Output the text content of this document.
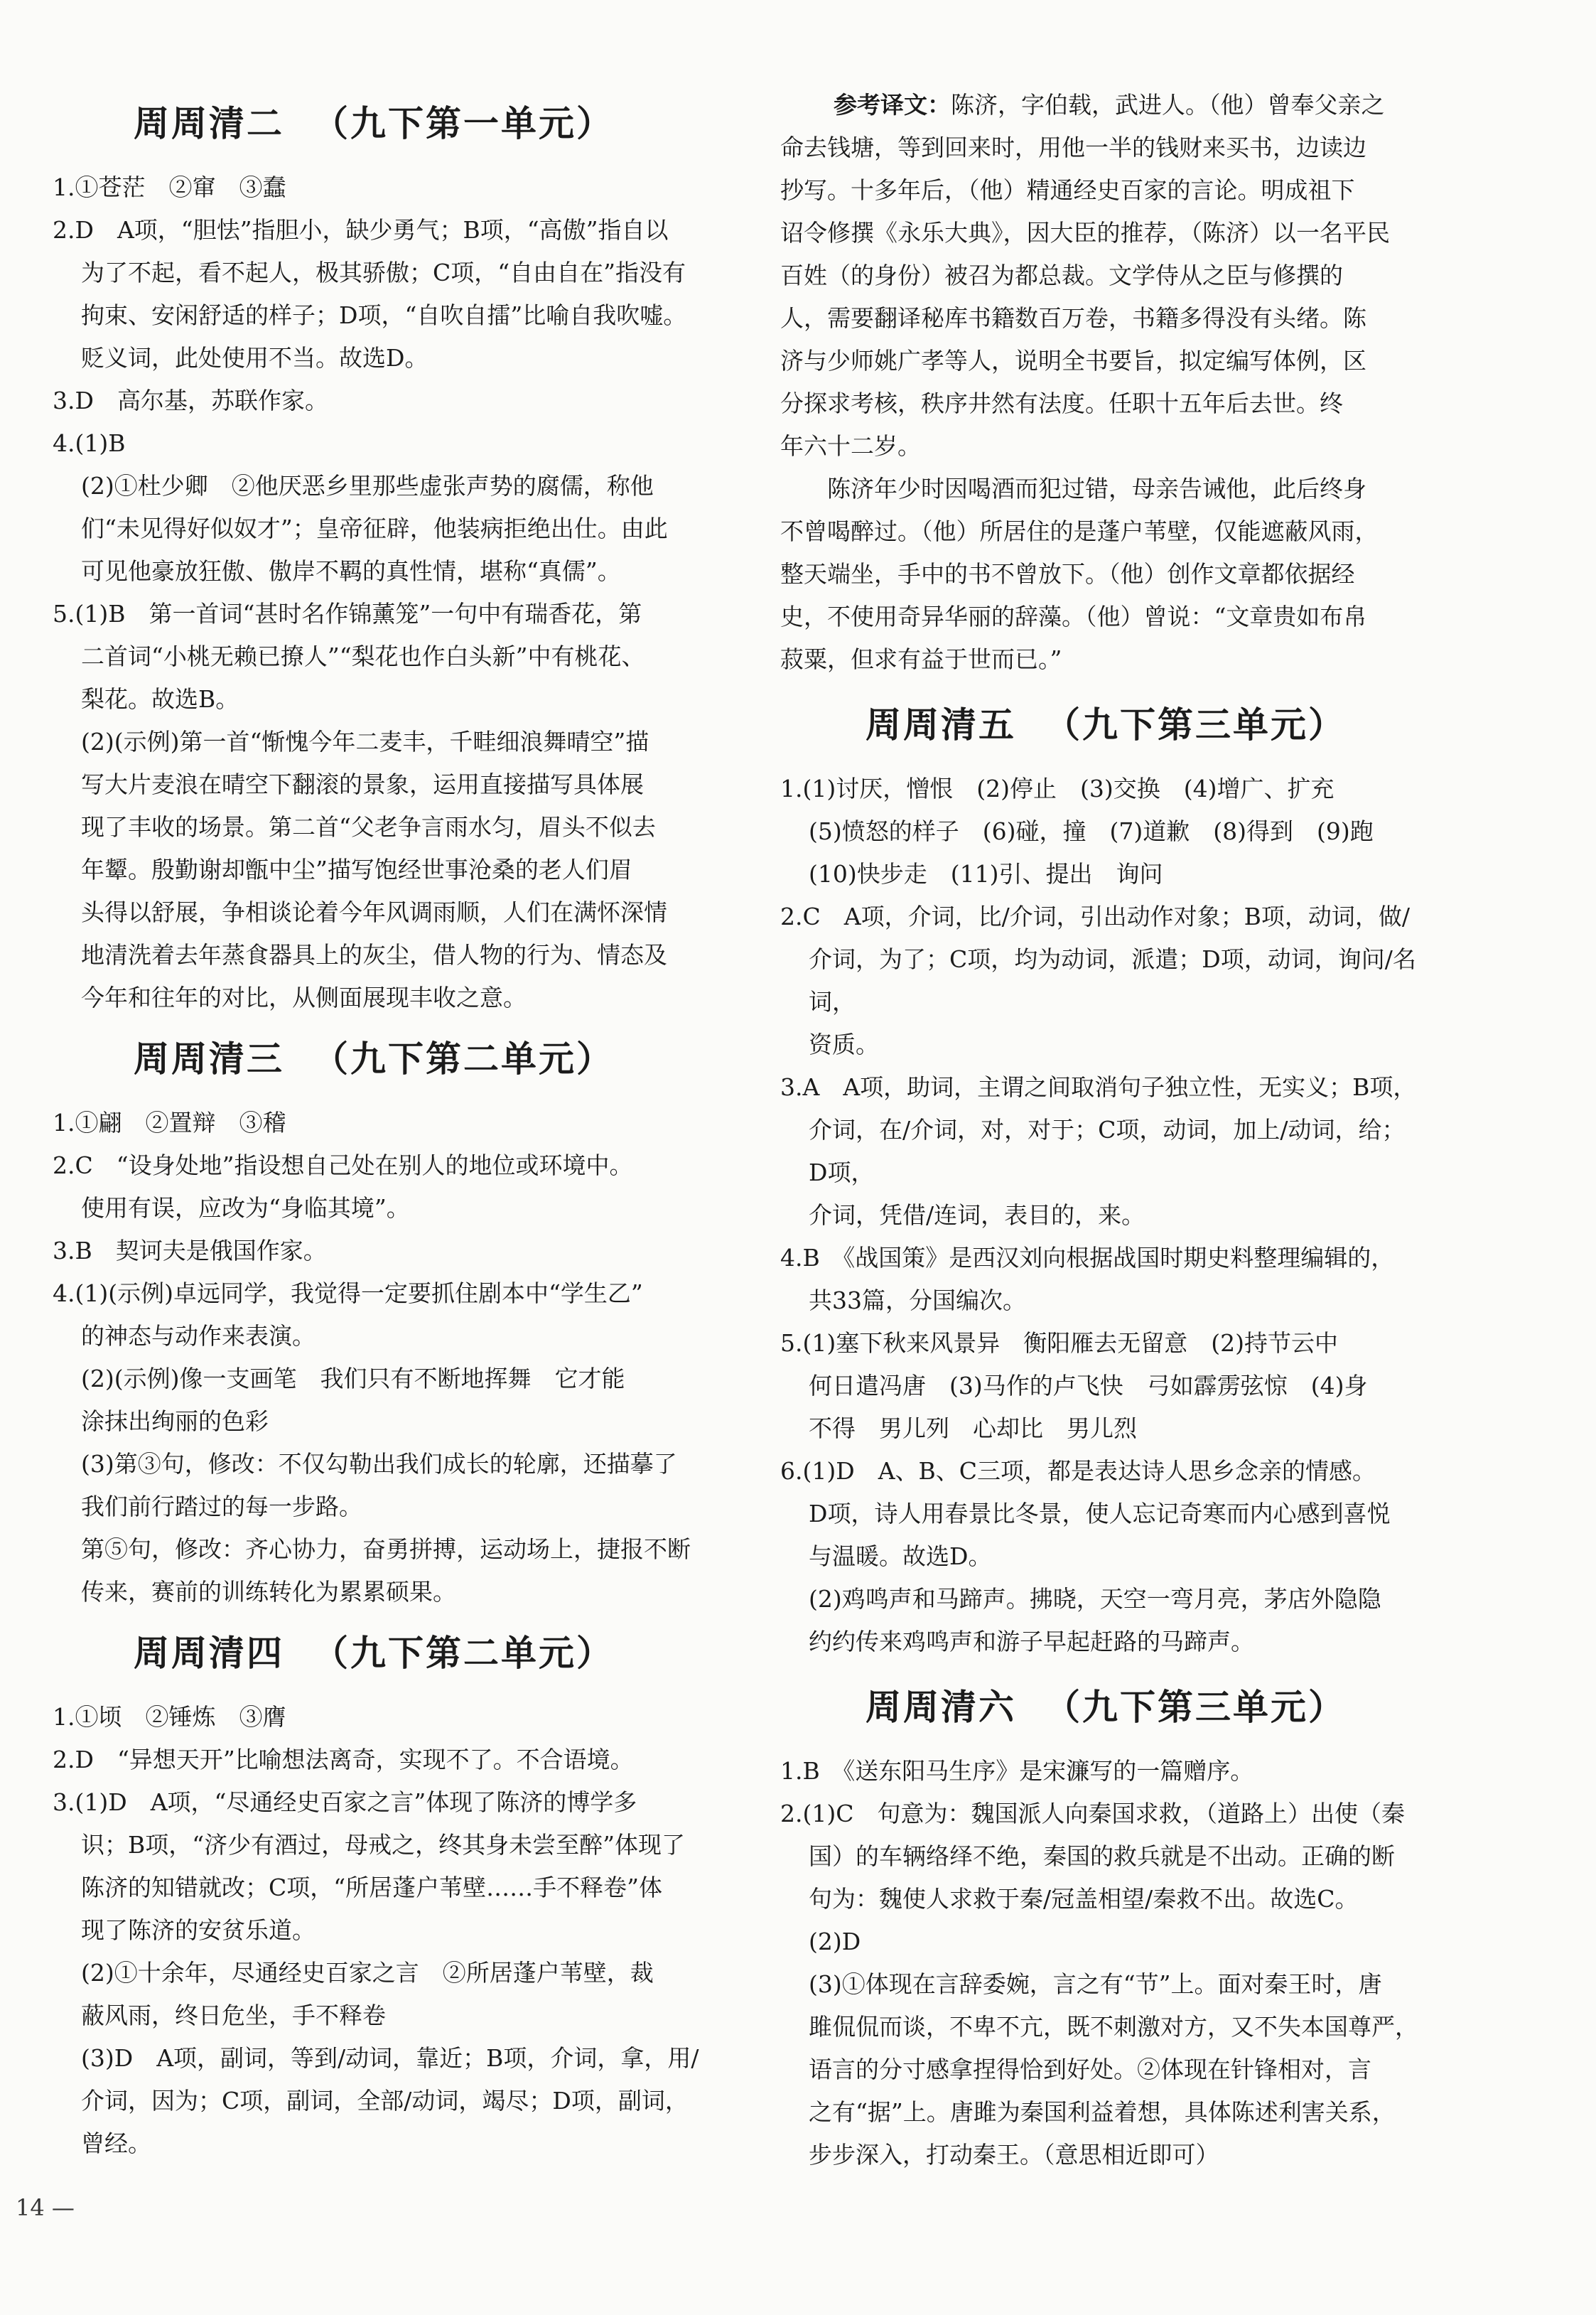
周周清二 （九下第一单元）

1.①苍茫　②窜　③蠢

2.D　A项，“胆怯”指胆小，缺少勇气；B项，“高傲”指自以

为了不起，看不起人，极其骄傲；C项，“自由自在”指没有

拘束、安闲舒适的样子；D项，“自吹自擂”比喻自我吹嘘。

贬义词，此处使用不当。故选D。

3.D　高尔基，苏联作家。

4.(1)B

(2)①杜少卿　②他厌恶乡里那些虚张声势的腐儒，称他

们“未见得好似奴才”；皇帝征辟，他装病拒绝出仕。由此

可见他豪放狂傲、傲岸不羁的真性情，堪称“真儒”。

5.(1)B　第一首词“甚时名作锦薰笼”一句中有瑞香花，第

二首词“小桃无赖已撩人”“梨花也作白头新”中有桃花、

梨花。故选B。

(2)(示例)第一首“惭愧今年二麦丰，千畦细浪舞晴空”描

写大片麦浪在晴空下翻滚的景象，运用直接描写具体展

现了丰收的场景。第二首“父老争言雨水匀，眉头不似去

年颦。殷勤谢却甑中尘”描写饱经世事沧桑的老人们眉

头得以舒展，争相谈论着今年风调雨顺，人们在满怀深情

地清洗着去年蒸食器具上的灰尘，借人物的行为、情态及

今年和往年的对比，从侧面展现丰收之意。

周周清三 （九下第二单元）

1.①翩　②置辩　③稽

2.C　“设身处地”指设想自己处在别人的地位或环境中。

使用有误，应改为“身临其境”。

3.B　契诃夫是俄国作家。

4.(1)(示例)卓远同学，我觉得一定要抓住剧本中“学生乙”

的神态与动作来表演。

(2)(示例)像一支画笔　我们只有不断地挥舞　它才能

涂抹出绚丽的色彩

(3)第③句，修改：不仅勾勒出我们成长的轮廓，还描摹了

我们前行踏过的每一步路。

第⑤句，修改：齐心协力，奋勇拼搏，运动场上，捷报不断

传来，赛前的训练转化为累累硕果。

周周清四 （九下第二单元）

1.①顷　②锤炼　③膺

2.D　“异想天开”比喻想法离奇，实现不了。不合语境。

3.(1)D　A项，“尽通经史百家之言”体现了陈济的博学多

识；B项，“济少有酒过，母戒之，终其身未尝至醉”体现了

陈济的知错就改；C项，“所居蓬户苇壁……手不释卷”体

现了陈济的安贫乐道。

(2)①十余年，尽通经史百家之言　②所居蓬户苇壁，裁

蔽风雨，终日危坐，手不释卷

(3)D　A项，副词，等到/动词，靠近；B项，介词，拿，用/

介词，因为；C项，副词，全部/动词，竭尽；D项，副词，

曾经。

参考译文：陈济，字伯载，武进人。（他）曾奉父亲之

命去钱塘，等到回来时，用他一半的钱财来买书，边读边

抄写。十多年后，（他）精通经史百家的言论。明成祖下

诏令修撰《永乐大典》，因大臣的推荐，（陈济）以一名平民

百姓（的身份）被召为都总裁。文学侍从之臣与修撰的

人，需要翻译秘库书籍数百万卷，书籍多得没有头绪。陈

济与少师姚广孝等人，说明全书要旨，拟定编写体例，区

分探求考核，秩序井然有法度。任职十五年后去世。终

年六十二岁。

陈济年少时因喝酒而犯过错，母亲告诫他，此后终身

不曾喝醉过。（他）所居住的是蓬户苇壁，仅能遮蔽风雨，

整天端坐，手中的书不曾放下。（他）创作文章都依据经

史，不使用奇异华丽的辞藻。（他）曾说：“文章贵如布帛

菽粟，但求有益于世而已。”

周周清五 （九下第三单元）

1.(1)讨厌，憎恨　(2)停止　(3)交换　(4)增广、扩充

(5)愤怒的样子　(6)碰，撞　(7)道歉　(8)得到　(9)跑

(10)快步走　(11)引、提出　询问

2.C　A项，介词，比/介词，引出动作对象；B项，动词，做/

介词，为了；C项，均为动词，派遣；D项，动词，询问/名词，

资质。

3.A　A项，助词，主谓之间取消句子独立性，无实义；B项，

介词，在/介词，对，对于；C项，动词，加上/动词，给；D项，

介词，凭借/连词，表目的，来。

4.B　《战国策》是西汉刘向根据战国时期史料整理编辑的，

共33篇，分国编次。

5.(1)塞下秋来风景异　衡阳雁去无留意　(2)持节云中

何日遣冯唐　(3)马作的卢飞快　弓如霹雳弦惊　(4)身

不得　男儿列　心却比　男儿烈

6.(1)D　A、B、C三项，都是表达诗人思乡念亲的情感。

D项，诗人用春景比冬景，使人忘记奇寒而内心感到喜悦

与温暖。故选D。

(2)鸡鸣声和马蹄声。拂晓，天空一弯月亮，茅店外隐隐

约约传来鸡鸣声和游子早起赶路的马蹄声。

周周清六 （九下第三单元）

1.B　《送东阳马生序》是宋濂写的一篇赠序。

2.(1)C　句意为：魏国派人向秦国求救，（道路上）出使（秦

国）的车辆络绎不绝，秦国的救兵就是不出动。正确的断

句为：魏使人求救于秦/冠盖相望/秦救不出。故选C。

(2)D

(3)①体现在言辞委婉，言之有“节”上。面对秦王时，唐

雎侃侃而谈，不卑不亢，既不刺激对方，又不失本国尊严，

语言的分寸感拿捏得恰到好处。②体现在针锋相对，言

之有“据”上。唐雎为秦国利益着想，具体陈述利害关系，

步步深入，打动秦王。（意思相近即可）

14 —
